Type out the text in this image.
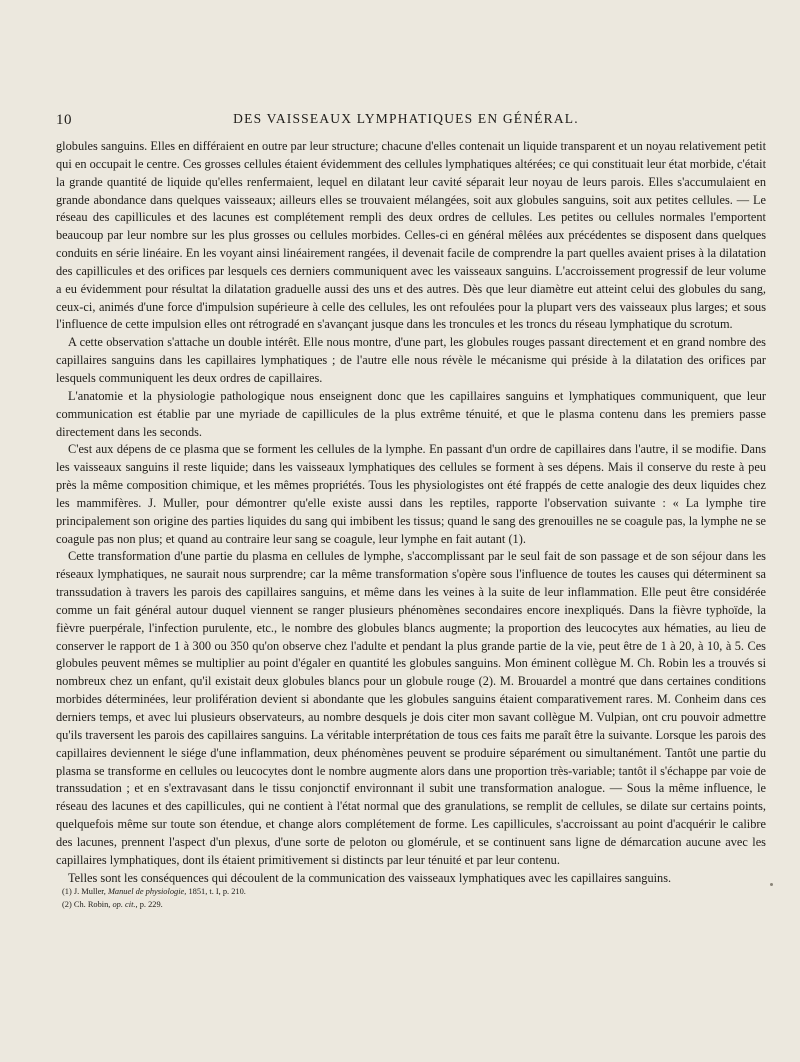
10	DES VAISSEAUX LYMPHATIQUES EN GÉNÉRAL.

globules sanguins. Elles en différaient en outre par leur structure; chacune d'elles contenait un liquide transparent et un noyau relativement petit qui en occupait le centre. Ces grosses cellules étaient évidemment des cellules lymphatiques altérées; ce qui constituait leur état morbide, c'était la grande quantité de liquide qu'elles renfermaient, lequel en dilatant leur cavité séparait leur noyau de leurs parois. Elles s'accumulaient en grande abondance dans quelques vaisseaux; ailleurs elles se trouvaient mélangées, soit aux globules sanguins, soit aux petites cellules. — Le réseau des capillicules et des lacunes est complétement rempli des deux ordres de cellules. Les petites ou cellules normales l'emportent beaucoup par leur nombre sur les plus grosses ou cellules morbides. Celles-ci en général mêlées aux précédentes se disposent dans quelques conduits en série linéaire. En les voyant ainsi linéairement rangées, il devenait facile de comprendre la part quelles avaient prises à la dilatation des capillicules et des orifices par lesquels ces derniers communiquent avec les vaisseaux sanguins. L'accroissement progressif de leur volume a eu évidemment pour résultat la dilatation graduelle aussi des uns et des autres. Dès que leur diamètre eut atteint celui des globules du sang, ceux-ci, animés d'une force d'impulsion supérieure à celle des cellules, les ont refoulées pour la plupart vers des vaisseaux plus larges; et sous l'influence de cette impulsion elles ont rétrogradé en s'avançant jusque dans les troncules et les troncs du réseau lymphatique du scrotum.

A cette observation s'attache un double intérêt. Elle nous montre, d'une part, les globules rouges passant directement et en grand nombre des capillaires sanguins dans les capillaires lymphatiques ; de l'autre elle nous révèle le mécanisme qui préside à la dilatation des orifices par lesquels communiquent les deux ordres de capillaires.

L'anatomie et la physiologie pathologique nous enseignent donc que les capillaires sanguins et lymphatiques communiquent, que leur communication est établie par une myriade de capillicules de la plus extrême ténuité, et que le plasma contenu dans les premiers passe directement dans les seconds.

C'est aux dépens de ce plasma que se forment les cellules de la lymphe. En passant d'un ordre de capillaires dans l'autre, il se modifie. Dans les vaisseaux sanguins il reste liquide; dans les vaisseaux lymphatiques des cellules se forment à ses dépens. Mais il conserve du reste à peu près la même composition chimique, et les mêmes propriétés. Tous les physiologistes ont été frappés de cette analogie des deux liquides chez les mammifères. J. Muller, pour démontrer qu'elle existe aussi dans les reptiles, rapporte l'observation suivante : « La lymphe tire principalement son origine des parties liquides du sang qui imbibent les tissus; quand le sang des grenouilles ne se coagule pas, la lymphe ne se coagule pas non plus; et quand au contraire leur sang se coagule, leur lymphe en fait autant (1).

Cette transformation d'une partie du plasma en cellules de lymphe, s'accomplissant par le seul fait de son passage et de son séjour dans les réseaux lymphatiques, ne saurait nous surprendre; car la même transformation s'opère sous l'influence de toutes les causes qui déterminent sa transsudation à travers les parois des capillaires sanguins, et même dans les veines à la suite de leur inflammation. Elle peut être considérée comme un fait général autour duquel viennent se ranger plusieurs phénomènes secondaires encore inexpliqués. Dans la fièvre typhoïde, la fièvre puerpérale, l'infection purulente, etc., le nombre des globules blancs augmente; la proportion des leucocytes aux hématies, au lieu de conserver le rapport de 1 à 300 ou 350 qu'on observe chez l'adulte et pendant la plus grande partie de la vie, peut être de 1 à 20, à 10, à 5. Ces globules peuvent mêmes se multiplier au point d'égaler en quantité les globules sanguins. Mon éminent collègue M. Ch. Robin les a trouvés si nombreux chez un enfant, qu'il existait deux globules blancs pour un globule rouge (2). M. Brouardel a montré que dans certaines conditions morbides déterminées, leur prolifération devient si abondante que les globules sanguins étaient comparativement rares. M. Conheim dans ces derniers temps, et avec lui plusieurs observateurs, au nombre desquels je dois citer mon savant collègue M. Vulpian, ont cru pouvoir admettre qu'ils traversent les parois des capillaires sanguins. La véritable interprétation de tous ces faits me paraît être la suivante. Lorsque les parois des capillaires deviennent le siége d'une inflammation, deux phénomènes peuvent se produire séparément ou simultanément. Tantôt une partie du plasma se transforme en cellules ou leucocytes dont le nombre augmente alors dans une proportion très-variable; tantôt il s'échappe par voie de transsudation ; et en s'extravasant dans le tissu conjonctif environnant il subit une transformation analogue. — Sous la même influence, le réseau des lacunes et des capillicules, qui ne contient à l'état normal que des granulations, se remplit de cellules, se dilate sur certains points, quelquefois même sur toute son étendue, et change alors complétement de forme. Les capillicules, s'accroissant au point d'acquérir le calibre des lacunes, prennent l'aspect d'un plexus, d'une sorte de peloton ou glomérule, et se continuent sans ligne de démarcation aucune avec les capillaires lymphatiques, dont ils étaient primitivement si distincts par leur ténuité et par leur contenu.

Telles sont les conséquences qui découlent de la communication des vaisseaux lymphatiques avec les capillaires sanguins.

(1) J. Muller, Manuel de physiologie, 1851, t. I, p. 210.

(2) Ch. Robin, op. cit., p. 229.
